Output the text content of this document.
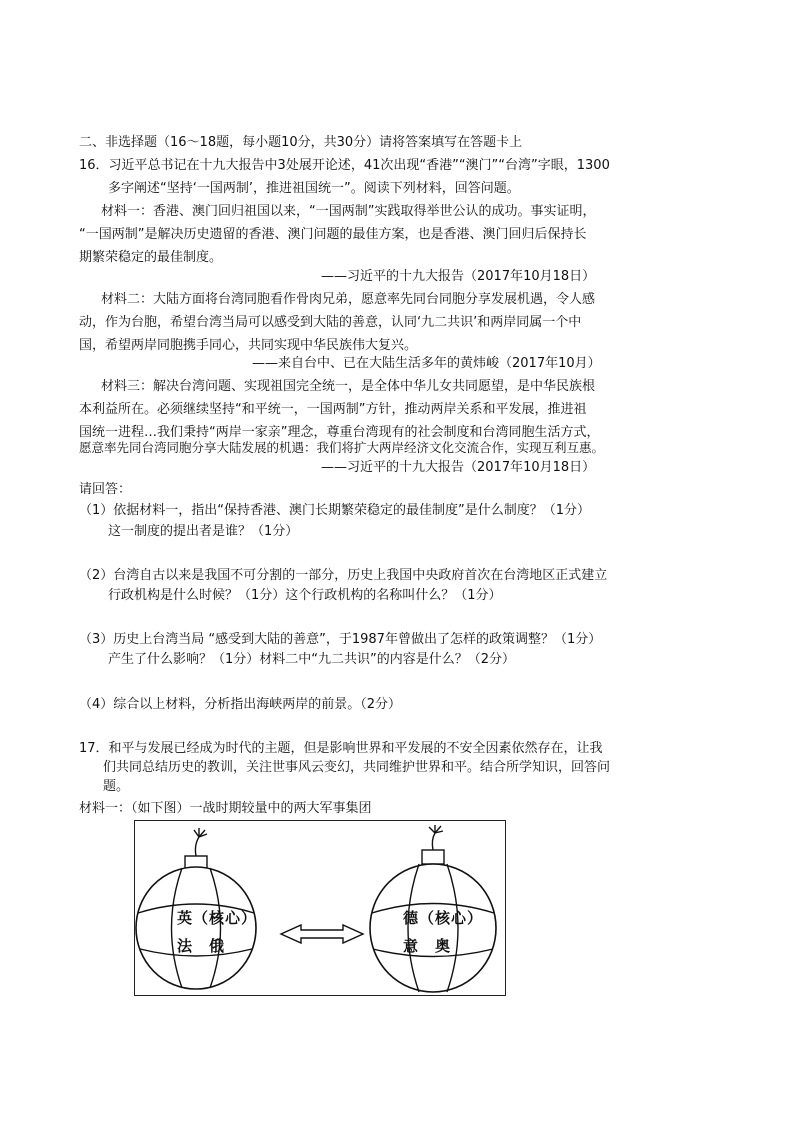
二、非选择题（16～18题，每小题10分，共30分）请将答案填写在答题卡上
16．习近平总书记在十九大报告中3处展开论述，41次出现“香港”“澳门”“台湾”字眼，1300
多字阐述“坚持‘一国两制’，推进祖国统一”。阅读下列材料，回答问题。
材料一：香港、澳门回归祖国以来，“一国两制”实践取得举世公认的成功。事实证明，
“一国两制”是解决历史遗留的香港、澳门问题的最佳方案，也是香港、澳门回归后保持长
期繁荣稳定的最佳制度。
——习近平的十九大报告（2017年10月18日）
材料二：大陆方面将台湾同胞看作骨肉兄弟，愿意率先同台同胞分享发展机遇，令人感
动，作为台胞，希望台湾当局可以感受到大陆的善意，认同‘九二共识’和两岸同属一个中
国，希望两岸同胞携手同心，共同实现中华民族伟大复兴。
——来自台中、已在大陆生活多年的黄炜峻（2017年10月）
材料三：解决台湾问题、实现祖国完全统一，是全体中华儿女共同愿望，是中华民族根
本利益所在。必须继续坚持“和平统一，一国两制”方针，推动两岸关系和平发展，推进祖
国统一进程…我们秉持“两岸一家亲”理念，尊重台湾现有的社会制度和台湾同胞生活方式，
愿意率先同台湾同胞分享大陆发展的机遇：我们将扩大两岸经济文化交流合作，实现互利互惠。
——习近平的十九大报告（2017年10月18日）
请回答：
（1）依据材料一，指出“保持香港、澳门长期繁荣稳定的最佳制度”是什么制度？（1分）
这一制度的提出者是谁？（1分）
（2）台湾自古以来是我国不可分割的一部分，历史上我国中央政府首次在台湾地区正式建立
行政机构是什么时候？（1分）这个行政机构的名称叫什么？（1分）
（3）历史上台湾当局 “感受到大陆的善意”，于1987年曾做出了怎样的政策调整？（1分）
产生了什么影响？（1分）材料二中“九二共识”的内容是什么？（2分）
（4）综合以上材料，分析指出海峡两岸的前景。（2分）
17．和平与发展已经成为时代的主题，但是影响世界和平发展的不安全因素依然存在，让我
们共同总结历史的教训，关注世事风云变幻，共同维护世界和平。结合所学知识，回答问
题。
材料一：（如下图）一战时期较量中的两大军事集团
英（核心）
法　俄
德（核心）
意　奥
